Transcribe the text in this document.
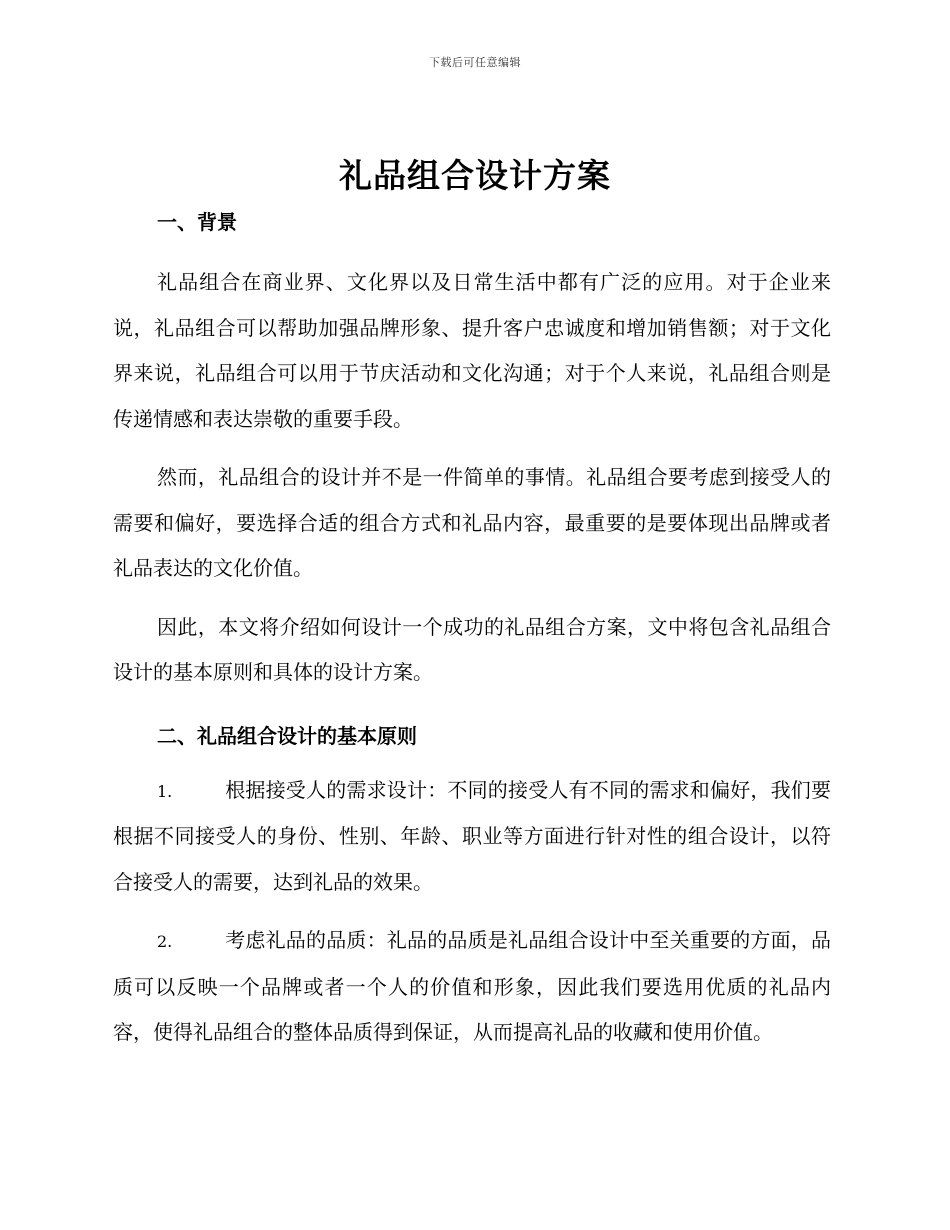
下载后可任意编辑
礼品组合设计方案

一、背景

礼品组合在商业界、文化界以及日常生活中都有广泛的应用。对于企业来说，礼品组合可以帮助加强品牌形象、提升客户忠诚度和增加销售额；对于文化界来说，礼品组合可以用于节庆活动和文化沟通；对于个人来说，礼品组合则是传递情感和表达崇敬的重要手段。

然而，礼品组合的设计并不是一件简单的事情。礼品组合要考虑到接受人的需要和偏好，要选择合适的组合方式和礼品内容，最重要的是要体现出品牌或者礼品表达的文化价值。

因此，本文将介绍如何设计一个成功的礼品组合方案，文中将包含礼品组合设计的基本原则和具体的设计方案。

二、礼品组合设计的基本原则

1.	根据接受人的需求设计：不同的接受人有不同的需求和偏好，我们要根据不同接受人的身份、性别、年龄、职业等方面进行针对性的组合设计，以符合接受人的需要，达到礼品的效果。

2.	考虑礼品的品质：礼品的品质是礼品组合设计中至关重要的方面，品质可以反映一个品牌或者一个人的价值和形象，因此我们要选用优质的礼品内容，使得礼品组合的整体品质得到保证，从而提高礼品的收藏和使用价值。
